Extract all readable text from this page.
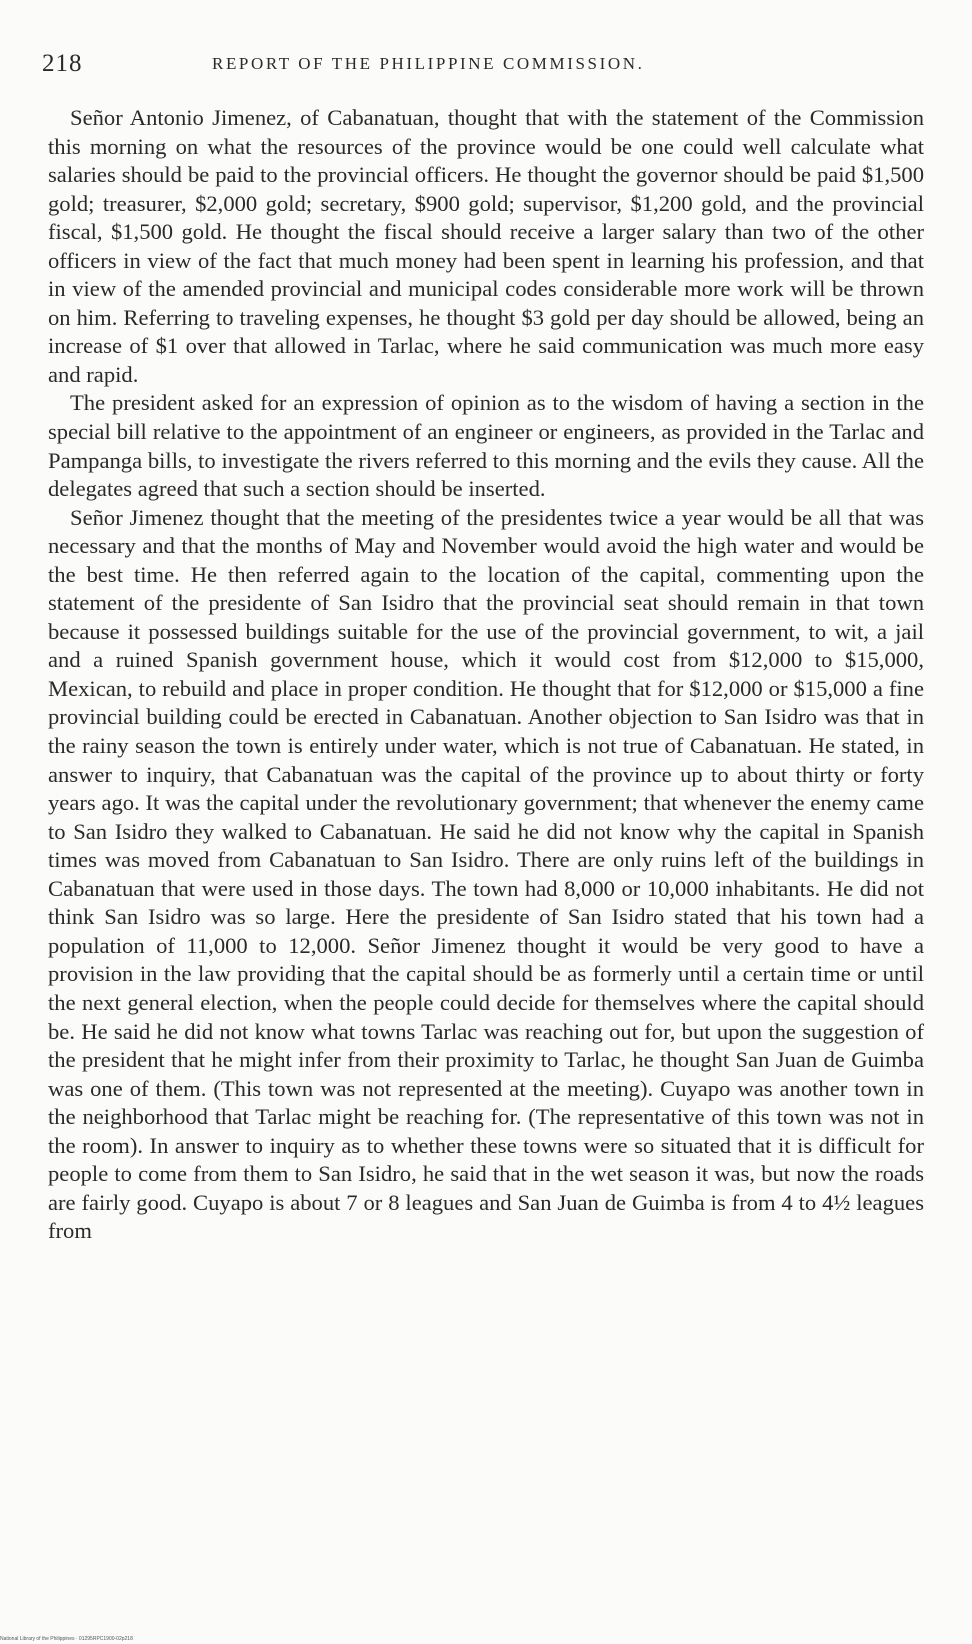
218	REPORT OF THE PHILIPPINE COMMISSION.

Señor Antonio Jimenez, of Cabanatuan, thought that with the statement of the Commission this morning on what the resources of the province would be one could well calculate what salaries should be paid to the provincial officers. He thought the governor should be paid $1,500 gold; treasurer, $2,000 gold; secretary, $900 gold; supervisor, $1,200 gold, and the provincial fiscal, $1,500 gold. He thought the fiscal should receive a larger salary than two of the other officers in view of the fact that much money had been spent in learning his profession, and that in view of the amended provincial and municipal codes considerable more work will be thrown on him. Referring to traveling expenses, he thought $3 gold per day should be allowed, being an increase of $1 over that allowed in Tarlac, where he said communication was much more easy and rapid.

The president asked for an expression of opinion as to the wisdom of having a section in the special bill relative to the appointment of an engineer or engineers, as provided in the Tarlac and Pampanga bills, to investigate the rivers referred to this morning and the evils they cause. All the delegates agreed that such a section should be inserted.

Señor Jimenez thought that the meeting of the presidentes twice a year would be all that was necessary and that the months of May and November would avoid the high water and would be the best time. He then referred again to the location of the capital, commenting upon the statement of the presidente of San Isidro that the provincial seat should remain in that town because it possessed buildings suitable for the use of the provincial government, to wit, a jail and a ruined Spanish government house, which it would cost from $12,000 to $15,000, Mexican, to rebuild and place in proper condition. He thought that for $12,000 or $15,000 a fine provincial building could be erected in Cabanatuan. Another objection to San Isidro was that in the rainy season the town is entirely under water, which is not true of Cabanatuan. He stated, in answer to inquiry, that Cabanatuan was the capital of the province up to about thirty or forty years ago. It was the capital under the revolutionary government; that whenever the enemy came to San Isidro they walked to Cabanatuan. He said he did not know why the capital in Spanish times was moved from Cabanatuan to San Isidro. There are only ruins left of the buildings in Cabanatuan that were used in those days. The town had 8,000 or 10,000 inhabitants. He did not think San Isidro was so large. Here the presidente of San Isidro stated that his town had a population of 11,000 to 12,000. Señor Jimenez thought it would be very good to have a provision in the law providing that the capital should be as formerly until a certain time or until the next general election, when the people could decide for themselves where the capital should be. He said he did not know what towns Tarlac was reaching out for, but upon the suggestion of the president that he might infer from their proximity to Tarlac, he thought San Juan de Guimba was one of them. (This town was not represented at the meeting). Cuyapo was another town in the neighborhood that Tarlac might be reaching for. (The representative of this town was not in the room). In answer to inquiry as to whether these towns were so situated that it is difficult for people to come from them to San Isidro, he said that in the wet season it was, but now the roads are fairly good. Cuyapo is about 7 or 8 leagues and San Juan de Guimba is from 4 to 4½ leagues from

National Library of the Philippines · 01295RPC1900-02p218
